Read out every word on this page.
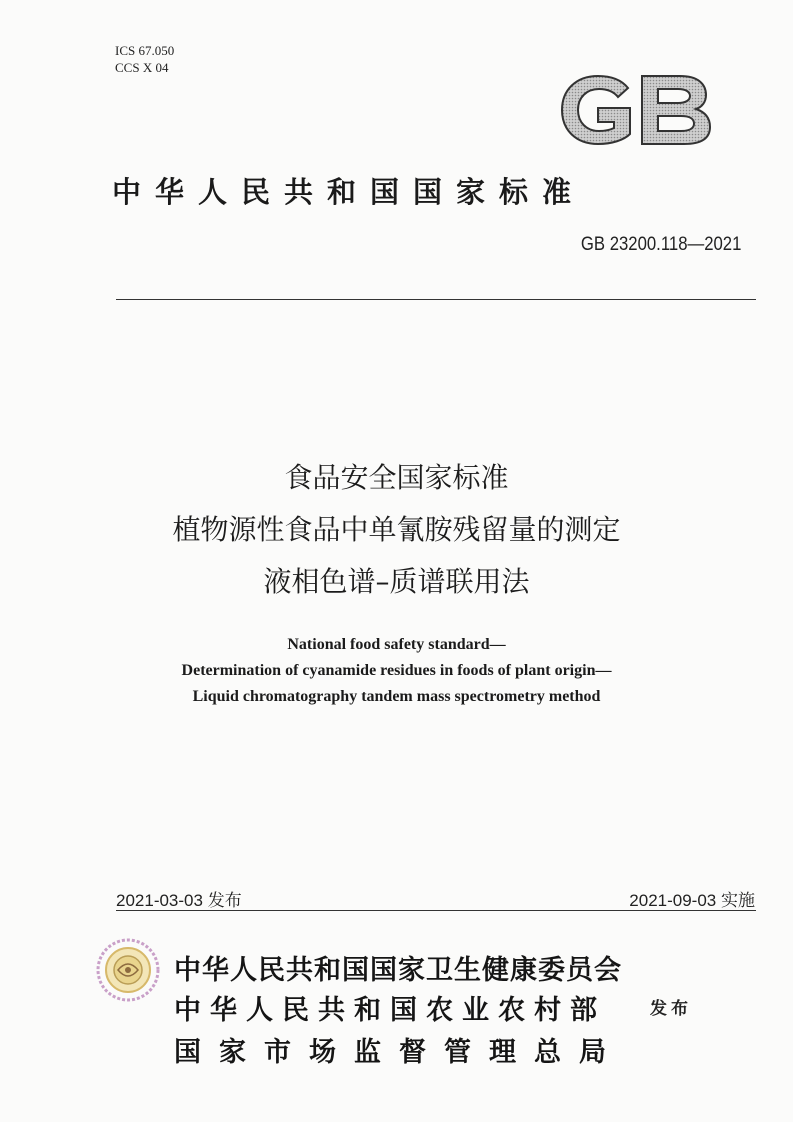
ICS 67.050
CCS X 04
中华人民共和国国家标准
GB 23200.118—2021
食品安全国家标准
植物源性食品中单氰胺残留量的测定
液相色谱–质谱联用法
National food safety standard—
Determination of cyanamide residues in foods of plant origin—
Liquid chromatography tandem mass spectrometry method
2021-03-03 发布	2021-09-03 实施
中华人民共和国国家卫生健康委员会
中华人民共和国农业农村部
国家市场监督管理总局
发布
